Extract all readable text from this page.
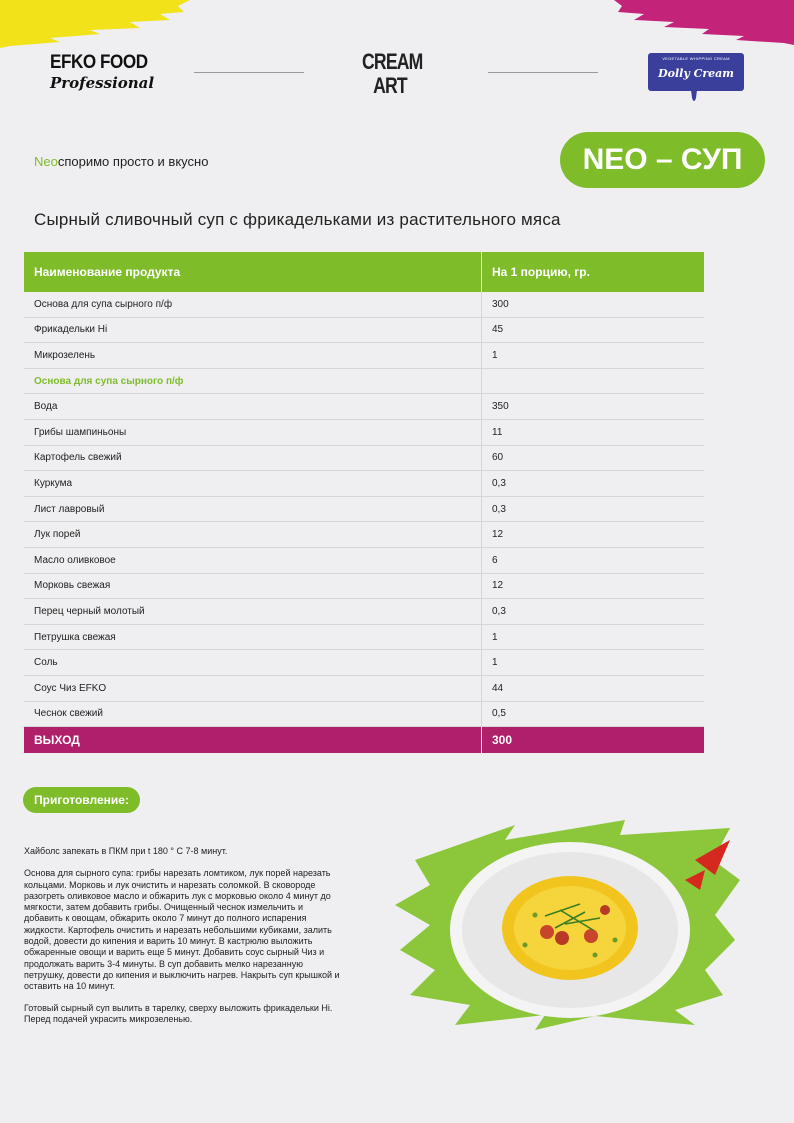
EFKO FOOD
Professional
CREAM
ART
VEGETABLE WHIPPING CREAM
Dolly Cream
Neoспоримо просто и вкусно	NEO – СУП
Сырный сливочный суп с фрикадельками из растительного мяса
Наименование продукта	На 1 порцию, гр.
Основа для супа сырного п/ф	300
Фрикадельки Hi	45
Микрозелень	1
Основа для супа сырного п/ф	
Вода	350
Грибы шампиньоны	11
Картофель свежий	60
Куркума	0,3
Лист лавровый	0,3
Лук порей	12
Масло оливковое	6
Морковь свежая	12
Перец черный молотый	0,3
Петрушка свежая	1
Соль	1
Соус Чиз EFKO	44
Чеснок свежий	0,5
ВЫХОД	300
Приготовление:

Хайболс запекать в ПКМ при t 180 ° С 7-8 минут.

Основа для сырного супа: грибы нарезать ломтиком, лук порей нарезать кольцами. Морковь и лук очистить и нарезать соломкой. В сковороде разогреть оливковое масло и обжарить лук с морковью около 4 минут до мягкости, затем добавить грибы. Очищенный чеснок измельчить и добавить к овощам, обжарить около 7 минут до полного испарения жидкости. Картофель очистить и нарезать небольшими кубиками, залить водой, довести до кипения и варить 10 минут. В кастрюлю выложить обжаренные овощи и варить еще 5 минут. Добавить соус сырный Чиз и продолжать варить 3-4 минуты. В суп добавить мелко нарезанную петрушку, довести до кипения и выключить нагрев. Накрыть суп крышкой и оставить на 10 минут.

Готовый сырный суп вылить в тарелку, сверху выложить фрикадельки Hi. Перед подачей украсить микрозеленью.
